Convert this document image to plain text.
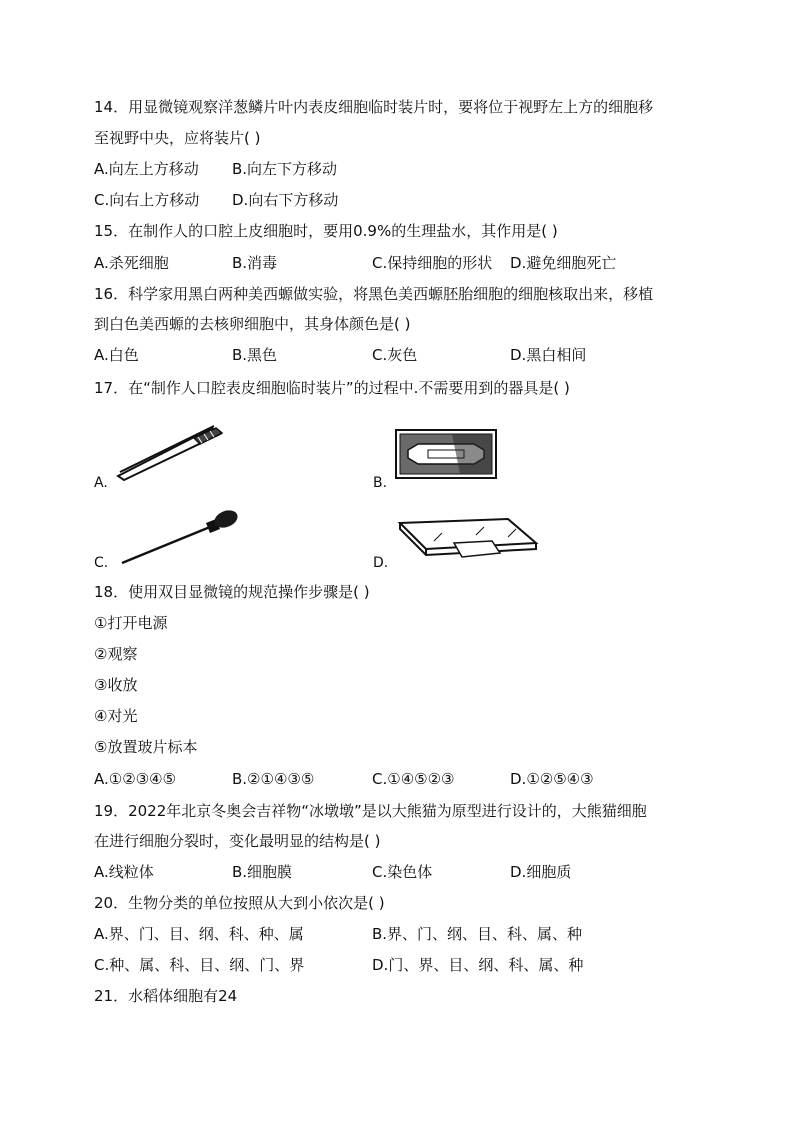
14．用显微镜观察洋葱鳞片叶内表皮细胞临时装片时，要将位于视野左上方的细胞移
至视野中央，应将装片( )
A.向左上方移动 B.向左下方移动
C.向右上方移动 D.向右下方移动
15．在制作人的口腔上皮细胞时，要用0.9%的生理盐水，其作用是( )
A.杀死细胞	B.消毒	C.保持细胞的形状 D.避免细胞死亡
16．科学家用黑白两种美西螈做实验，将黑色美西螈胚胎细胞的细胞核取出来，移植
到白色美西螈的去核卵细胞中，其身体颜色是( )
A.白色	B.黑色	C.灰色	D.黑白相间
17．在“制作人口腔表皮细胞临时装片”的过程中.不需要用到的器具是( )
A.	B.
C.	D.
18．使用双目显微镜的规范操作步骤是( )
①打开电源
②观察
③收放
④对光
⑤放置玻片标本
A.①②③④⑤	B.②①④③⑤	C.①④⑤②③	D.①②⑤④③
19．2022年北京冬奥会吉祥物“冰墩墩”是以大熊猫为原型进行设计的，大熊猫细胞
在进行细胞分裂时，变化最明显的结构是( )
A.线粒体	B.细胞膜	C.染色体	D.细胞质
20．生物分类的单位按照从大到小依次是( )
A.界、门、目、纲、科、种、属	B.界、门、纲、目、科、属、种
C.种、属、科、目、纲、门、界	D.门、界、目、纲、科、属、种
21．水稻体细胞有24
